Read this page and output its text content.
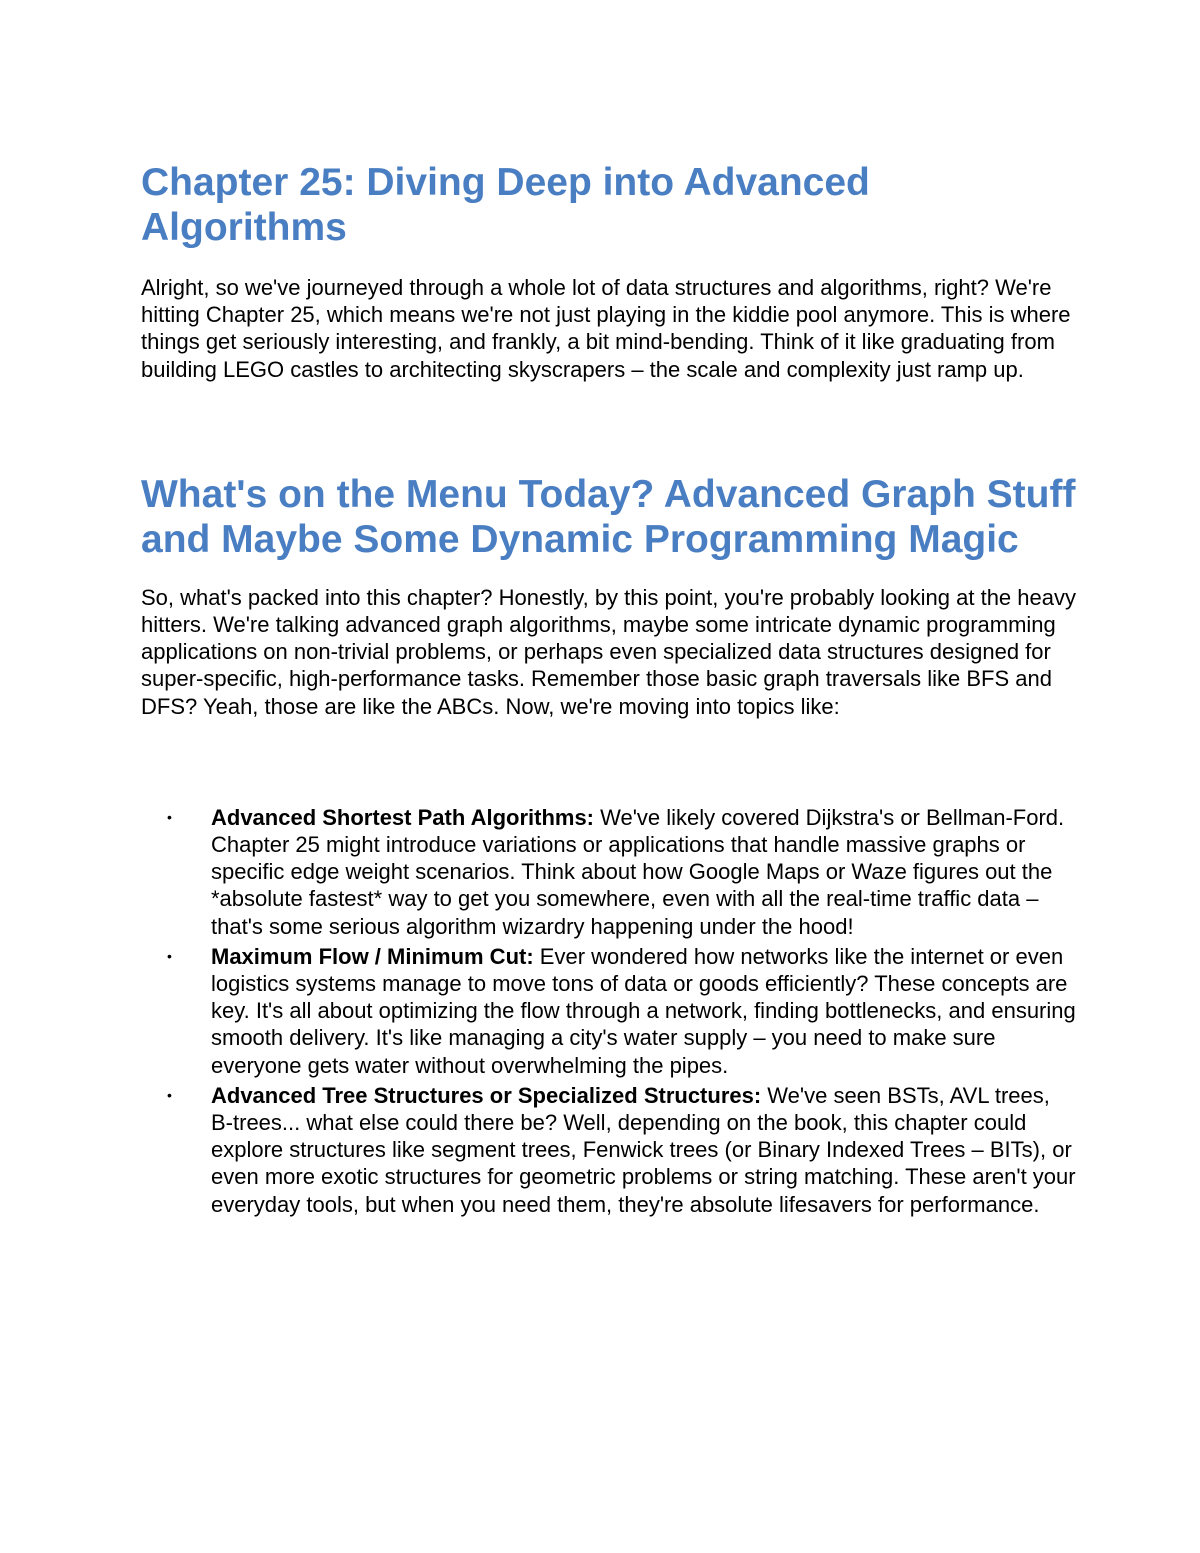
Chapter 25: Diving Deep into Advanced Algorithms

Alright, so we've journeyed through a whole lot of data structures and algorithms, right? We're hitting Chapter 25, which means we're not just playing in the kiddie pool anymore. This is where things get seriously interesting, and frankly, a bit mind-bending. Think of it like graduating from building LEGO castles to architecting skyscrapers – the scale and complexity just ramp up.

What's on the Menu Today? Advanced Graph Stuff and Maybe Some Dynamic Programming Magic

So, what's packed into this chapter? Honestly, by this point, you're probably looking at the heavy hitters. We're talking advanced graph algorithms, maybe some intricate dynamic programming applications on non-trivial problems, or perhaps even specialized data structures designed for super-specific, high-performance tasks. Remember those basic graph traversals like BFS and DFS? Yeah, those are like the ABCs. Now, we're moving into topics like:

• Advanced Shortest Path Algorithms: We've likely covered Dijkstra's or Bellman-Ford. Chapter 25 might introduce variations or applications that handle massive graphs or specific edge weight scenarios. Think about how Google Maps or Waze figures out the *absolute fastest* way to get you somewhere, even with all the real-time traffic data – that's some serious algorithm wizardry happening under the hood!
• Maximum Flow / Minimum Cut: Ever wondered how networks like the internet or even logistics systems manage to move tons of data or goods efficiently? These concepts are key. It's all about optimizing the flow through a network, finding bottlenecks, and ensuring smooth delivery. It's like managing a city's water supply – you need to make sure everyone gets water without overwhelming the pipes.
• Advanced Tree Structures or Specialized Structures: We've seen BSTs, AVL trees, B-trees... what else could there be? Well, depending on the book, this chapter could explore structures like segment trees, Fenwick trees (or Binary Indexed Trees – BITs), or even more exotic structures for geometric problems or string matching. These aren't your everyday tools, but when you need them, they're absolute lifesavers for performance.
